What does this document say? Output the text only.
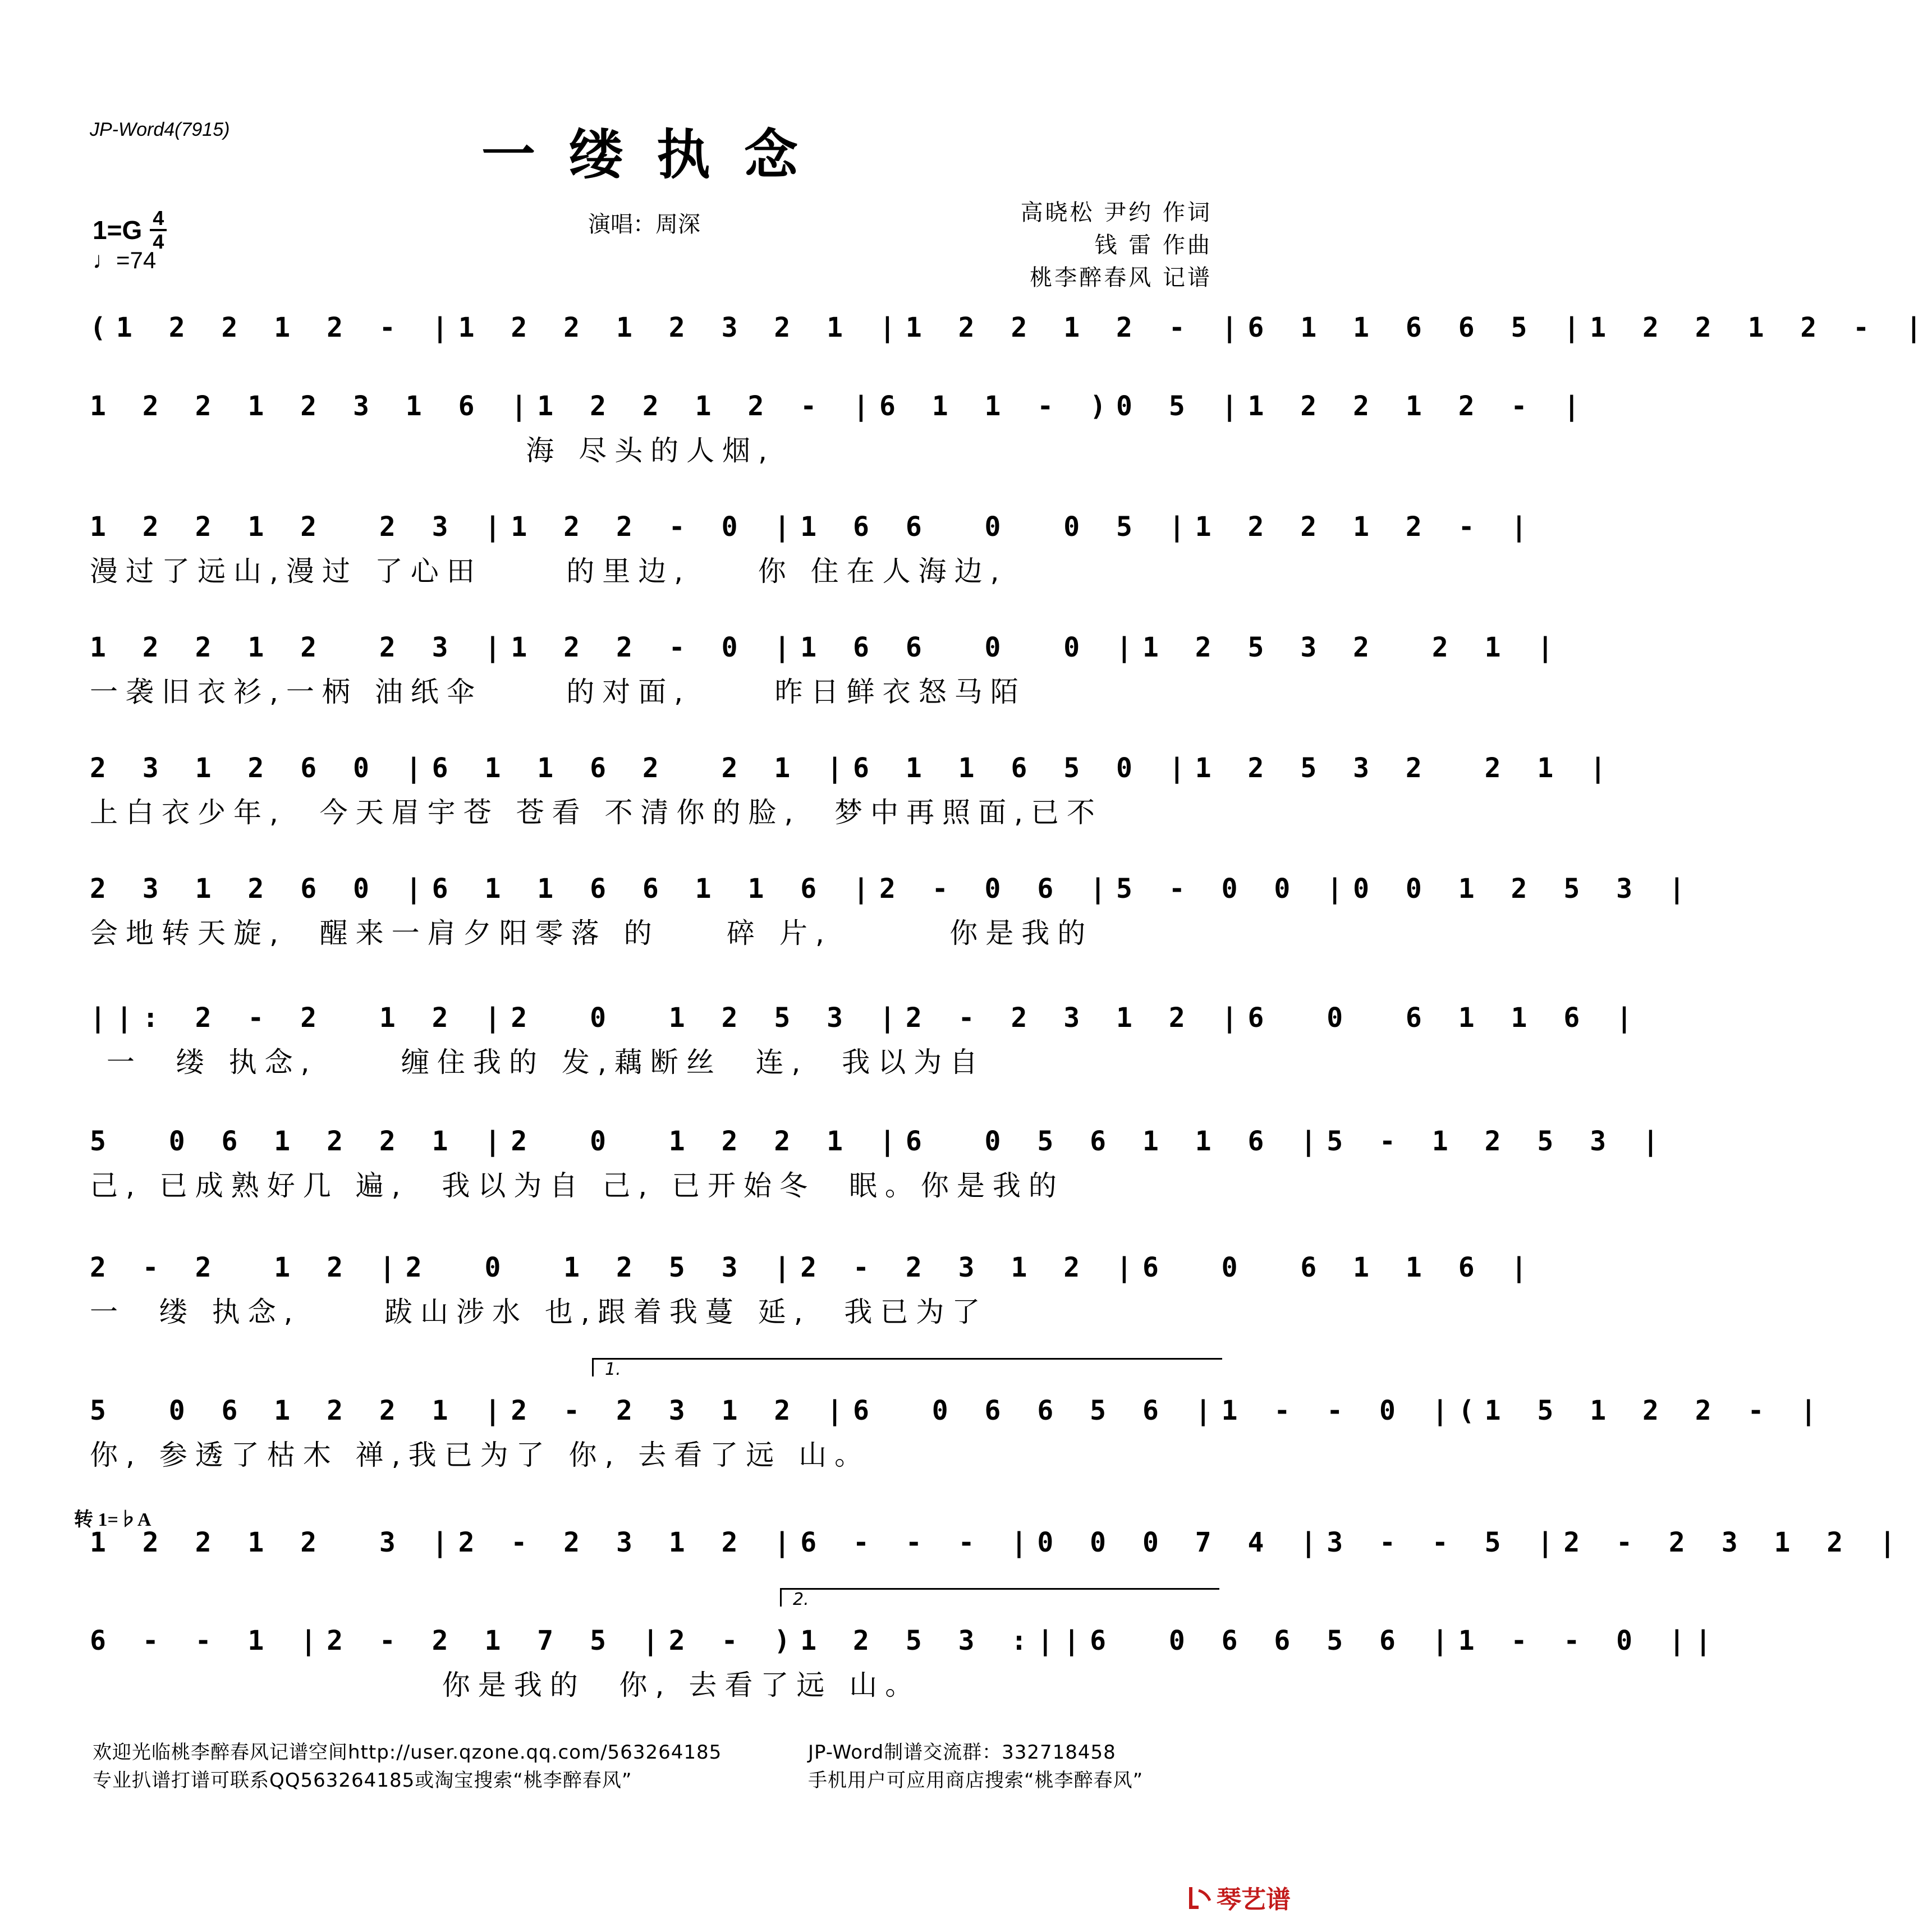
JP-Word4(7915)	一缕执念
$1=G \frac{4}{4}$
♩=74
演唱：周深	高晓松 尹约 作词
钱 雷 作曲
桃李醉春风 记谱
(1 2 2 1 2 - |1 2 2 1 2 3 2 1 |1 2 2 1 2 - |6 1 1 6 6 5 |1 2 2 1 2 - |
1 2 2 1 2 3 1 6 |1 2 2 1 2 - |6 1 1 - )0 5 |1 2 2 1 2 - |
海 尽头的人烟,
1 2 2 1 2  2 3 |1 2 2 - 0 |1 6 6  0  0 5 |1 2 2 1 2 - |
漫过了远山,漫过 了心田     的里边,    你 住在人海边,
1 2 2 1 2  2 3 |1 2 2 - 0 |1 6 6  0  0 |1 2 5 3 2  2 1 |
一袭旧衣衫,一柄 油纸伞     的对面,     昨日鲜衣怒马陌
2 3 1 2 6 0 |6 1 1 6 2  2 1 |6 1 1 6 5 0 |1 2 5 3 2  2 1 |
上白衣少年,  今天眉宇苍 苍看 不清你的脸,  梦中再照面,已不
2 3 1 2 6 0 |6 1 1 6 6 1 1 6 |2 - 0 6 |5 - 0 0 |0 0 1 2 5 3 |
会地转天旋,  醒来一肩夕阳零落 的    碎 片,       你是我的
||: 2 - 2  1 2 |2  0  1 2 5 3 |2 - 2 3 1 2 |6  0  6 1 1 6 |
一  缕 执念,     缠住我的 发,藕断丝  连,  我以为自
5  0 6 1 2 2 1 |2  0  1 2 2 1 |6  0 5 6 1 1 6 |5 - 1 2 5 3 |
己, 已成熟好几 遍,  我以为自 己, 已开始冬  眠。你是我的
2 - 2  1 2 |2  0  1 2 5 3 |2 - 2 3 1 2 |6  0  6 1 1 6 |
一  缕 执念,     跋山涉水 也,跟着我蔓 延,  我已为了
1.
5  0 6 1 2 2 1 |2 - 2 3 1 2 |6  0 6 6 5 6 |1 - - 0 |(1 5 1 2 2 - |
你, 参透了枯木 禅,我已为了 你, 去看了远 山。
转 1=♭A
1 2 2 1 2  3 |2 - 2 3 1 2 |6 - - - |0 0 0 7 4 |3 - - 5 |2 - 2 3 1 2 |
2.
6 - - 1 |2 - 2 1 7 5 |2 - )1 2 5 3 :||6  0 6 6 5 6 |1 - - 0 ||
你是我的  你, 去看了远 山。
欢迎光临桃李醉春风记谱空间http://user.qzone.qq.com/563264185	JP-Word制谱交流群：332718458
专业扒谱打谱可联系QQ563264185或淘宝搜索“桃李醉春风”	手机用户可应用商店搜索“桃李醉春风”
琴艺谱
